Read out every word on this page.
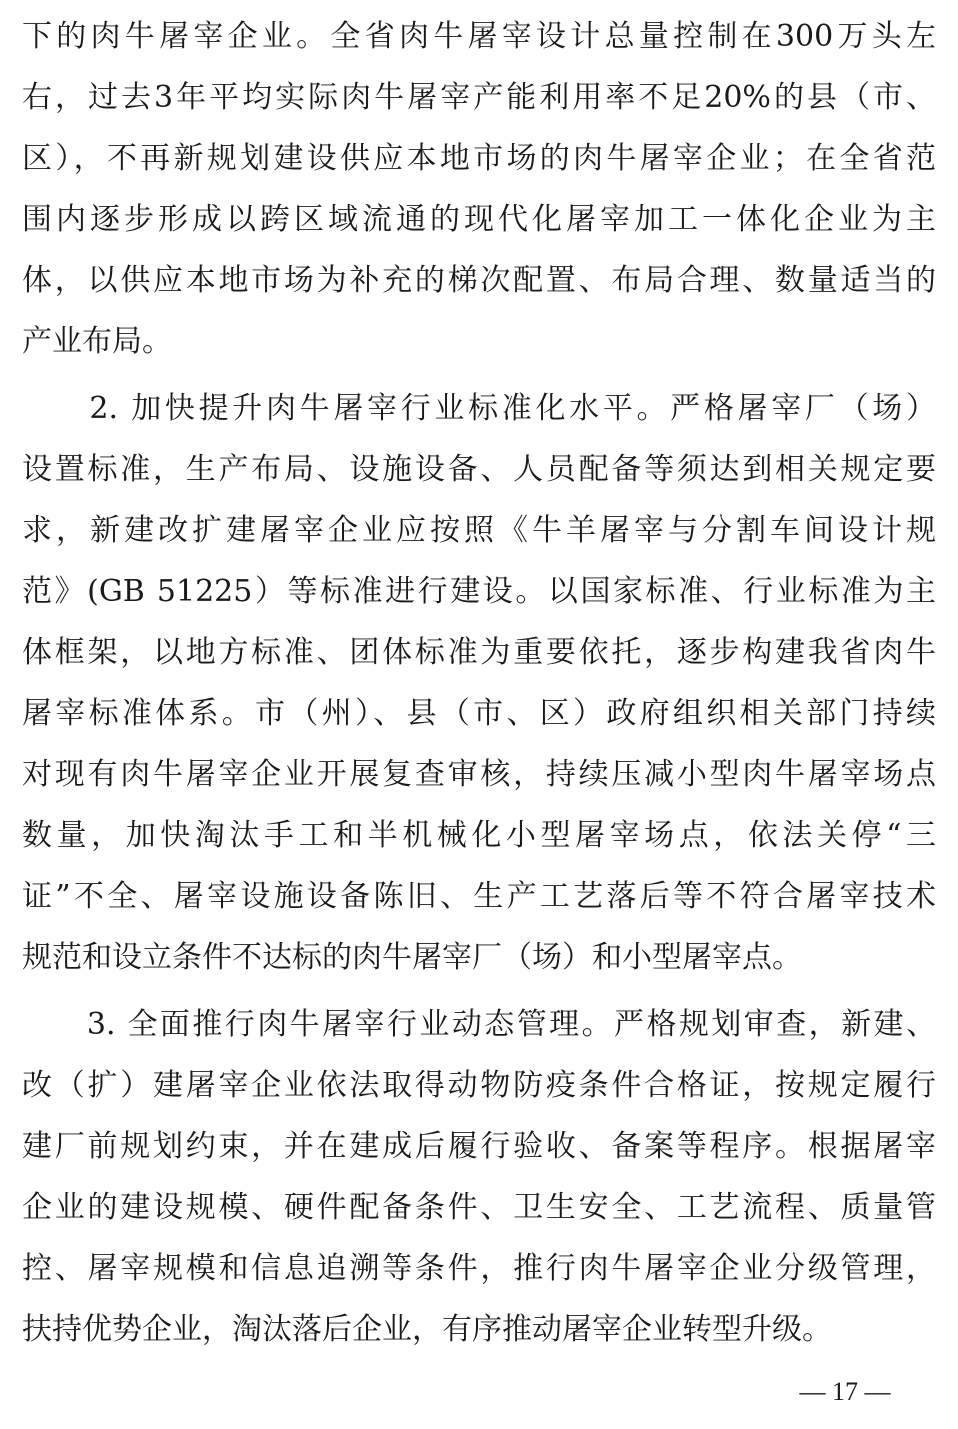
下的肉牛屠宰企业。全省肉牛屠宰设计总量控制在300万头左
右，过去3年平均实际肉牛屠宰产能利用率不足20%的县（市、
区），不再新规划建设供应本地市场的肉牛屠宰企业；在全省范
围内逐步形成以跨区域流通的现代化屠宰加工一体化企业为主
体，以供应本地市场为补充的梯次配置、布局合理、数量适当的
产业布局。
　　2. 加快提升肉牛屠宰行业标准化水平。严格屠宰厂（场）
设置标准，生产布局、设施设备、人员配备等须达到相关规定要
求，新建改扩建屠宰企业应按照《牛羊屠宰与分割车间设计规
范》(GB 51225）等标准进行建设。以国家标准、行业标准为主
体框架，以地方标准、团体标准为重要依托，逐步构建我省肉牛
屠宰标准体系。市（州）、县（市、区）政府组织相关部门持续
对现有肉牛屠宰企业开展复查审核，持续压减小型肉牛屠宰场点
数量，加快淘汰手工和半机械化小型屠宰场点，依法关停“三
证”不全、屠宰设施设备陈旧、生产工艺落后等不符合屠宰技术
规范和设立条件不达标的肉牛屠宰厂（场）和小型屠宰点。
　　3. 全面推行肉牛屠宰行业动态管理。严格规划审查，新建、
改（扩）建屠宰企业依法取得动物防疫条件合格证，按规定履行
建厂前规划约束，并在建成后履行验收、备案等程序。根据屠宰
企业的建设规模、硬件配备条件、卫生安全、工艺流程、质量管
控、屠宰规模和信息追溯等条件，推行肉牛屠宰企业分级管理，
扶持优势企业，淘汰落后企业，有序推动屠宰企业转型升级。
— 17 —
